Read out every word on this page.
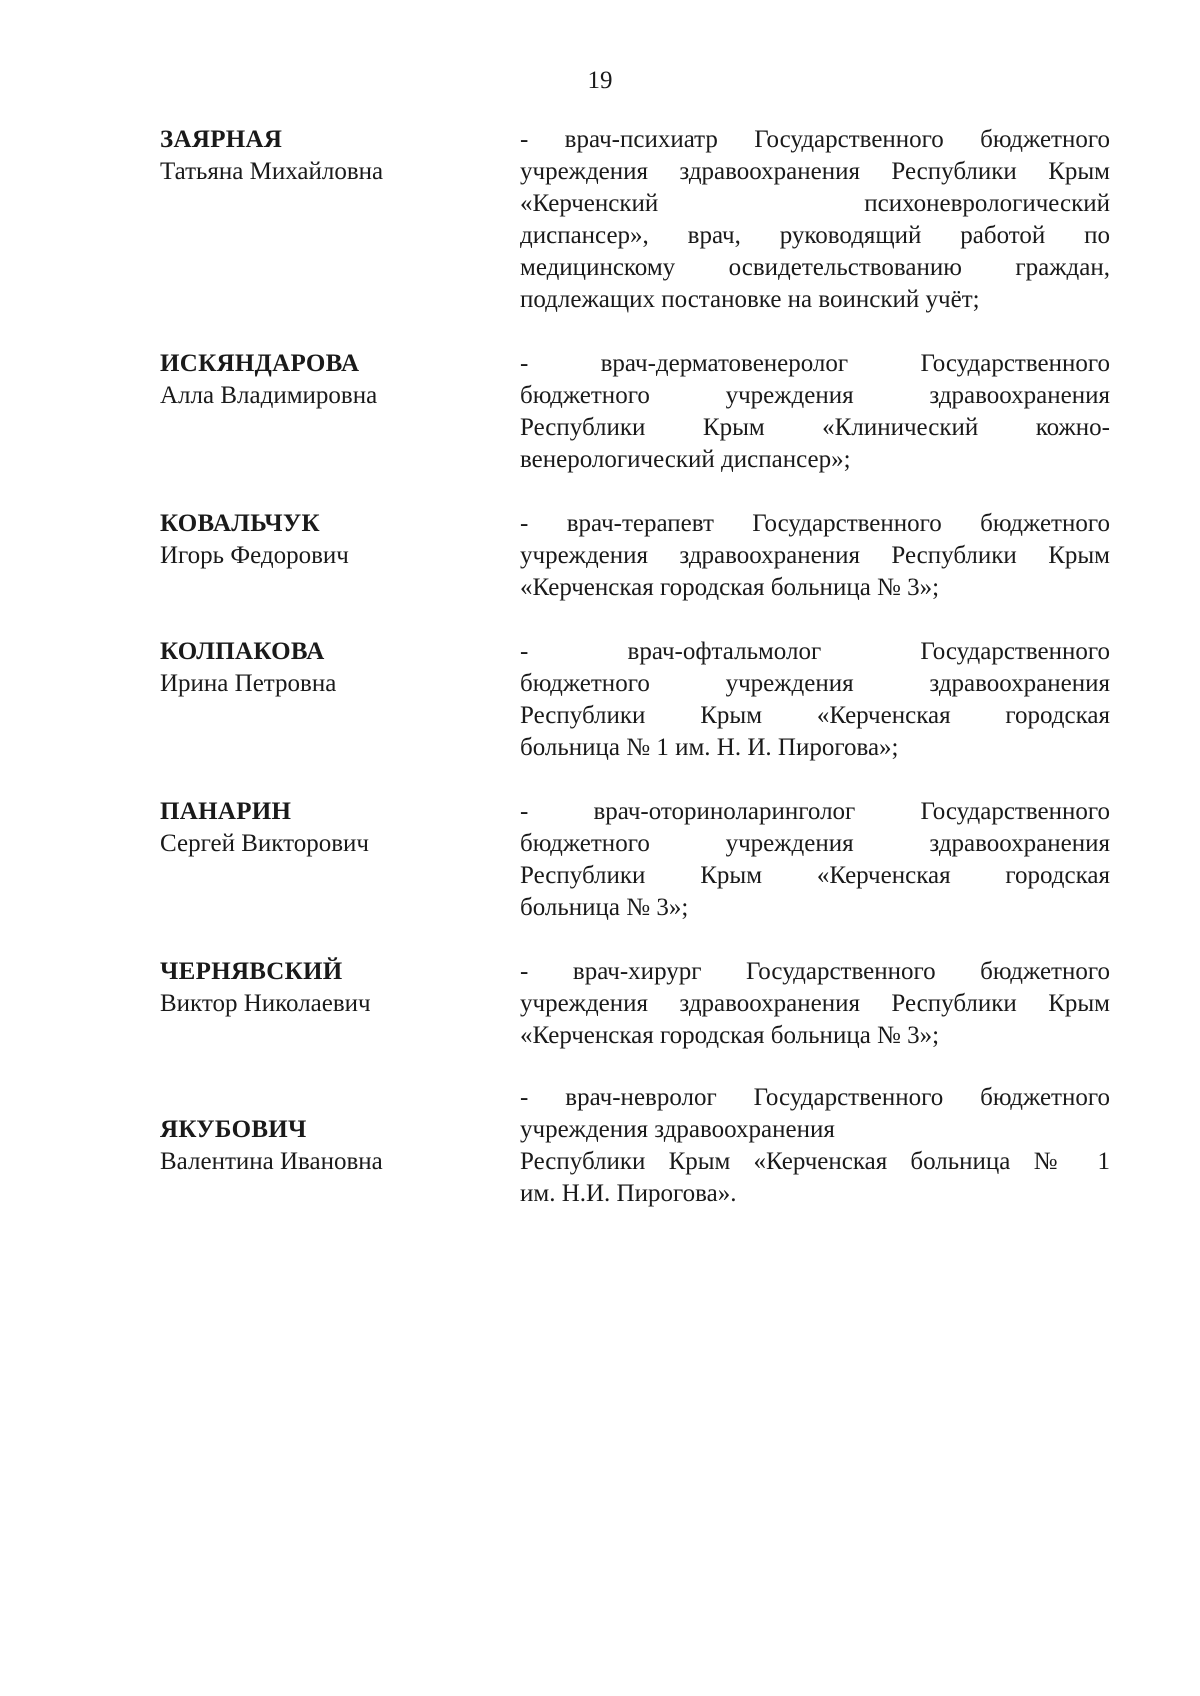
19
ЗАЯРНАЯ
Татьяна Михайловна
- врач-психиатр Государственного бюджетного
учреждения здравоохранения Республики Крым
«Керченский психоневрологический
диспансер», врач, руководящий работой по
медицинскому освидетельствованию граждан,
подлежащих постановке на воинский учёт;
ИСКЯНДАРОВА
Алла Владимировна
- врач-дерматовенеролог Государственного
бюджетного учреждения здравоохранения
Республики Крым «Клинический кожно-
венерологический диспансер»;
КОВАЛЬЧУК
Игорь Федорович
- врач-терапевт Государственного бюджетного
учреждения здравоохранения Республики Крым
«Керченская городская больница № 3»;
КОЛПАКОВА
Ирина Петровна
- врач-офтальмолог Государственного
бюджетного учреждения здравоохранения
Республики Крым «Керченская городская
больница № 1 им. Н. И. Пирогова»;
ПАНАРИН
Сергей Викторович
- врач-оториноларинголог Государственного
бюджетного учреждения здравоохранения
Республики Крым «Керченская городская
больница № 3»;
ЧЕРНЯВСКИЙ
Виктор Николаевич
- врач-хирург Государственного бюджетного
учреждения здравоохранения Республики Крым
«Керченская городская больница № 3»;
ЯКУБОВИЧ
Валентина Ивановна
- врач-невролог Государственного бюджетного
учреждения здравоохранения
Республики Крым «Керченская больница № 1
им. Н.И. Пирогова».
